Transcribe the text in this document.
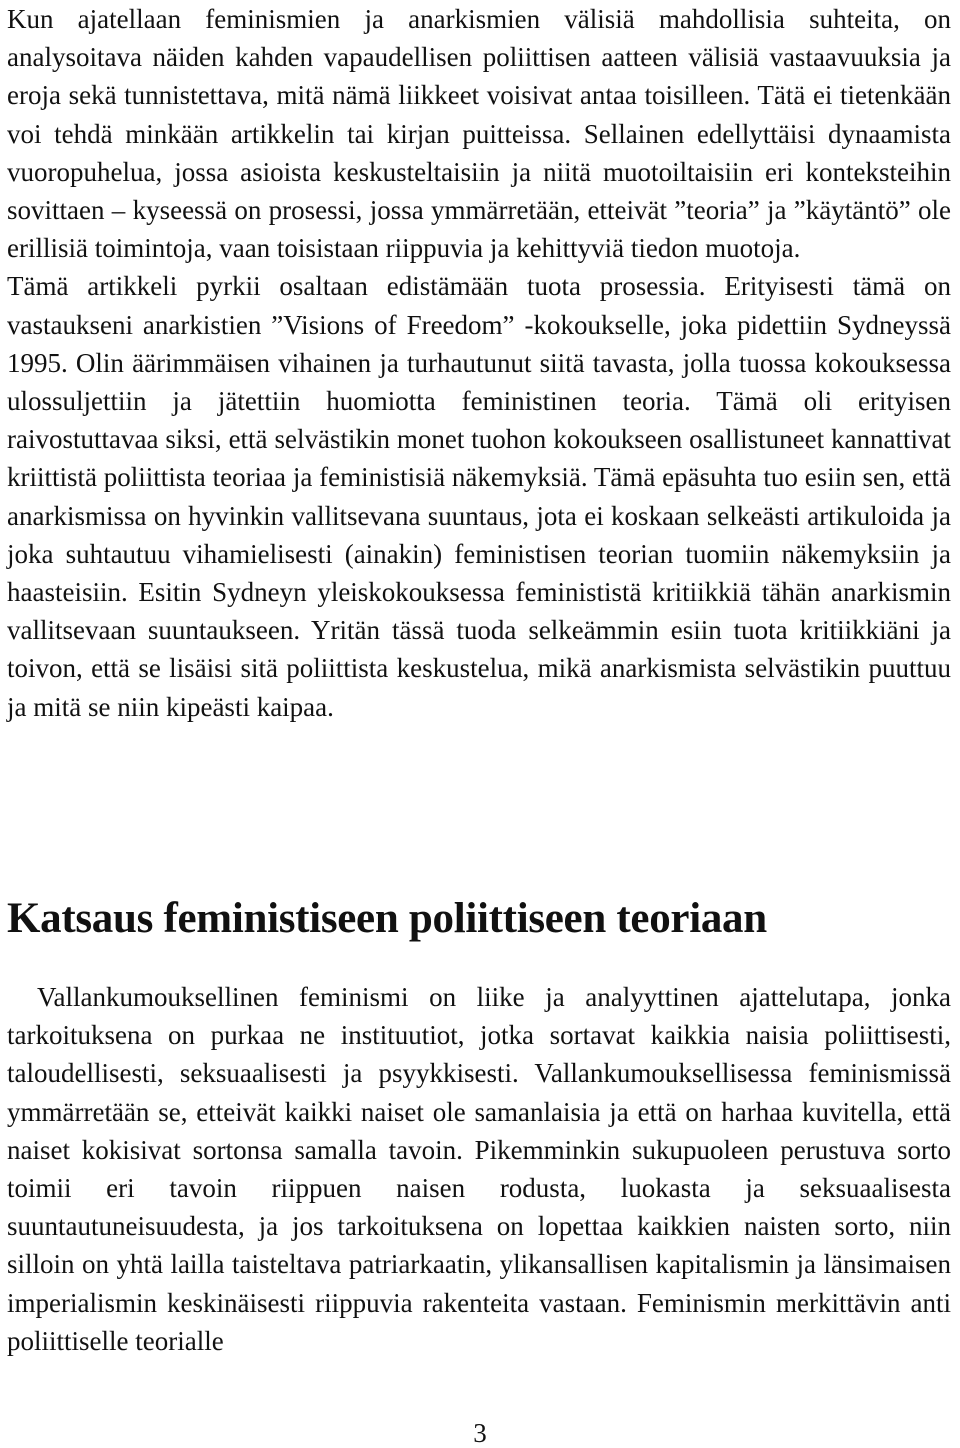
Kun ajatellaan feminismien ja anarkismien välisiä mahdollisia suhteita, on analysoitava näiden kahden vapaudellisen poliittisen aatteen välisiä vastaavuuksia ja eroja sekä tunnistettava, mitä nämä liikkeet voisivat antaa toisilleen. Tätä ei tietenkään voi tehdä minkään artikkelin tai kirjan puitteissa. Sellainen edellyttäisi dynaamista vuoropuhelua, jossa asioista keskusteltaisiin ja niitä muotoiltaisiin eri konteksteihin sovittaen – kyseessä on prosessi, jossa ymmärretään, etteivät ”teoria” ja ”käytäntö” ole erillisiä toimintoja, vaan toisistaan riippuvia ja kehittyviä tiedon muotoja.

Tämä artikkeli pyrkii osaltaan edistämään tuota prosessia. Erityisesti tämä on vastaukseni anarkistien ”Visions of Freedom” -kokoukselle, joka pidettiin Sydneyssä 1995. Olin äärimmäisen vihainen ja turhautunut siitä tavasta, jolla tuossa kokouksessa ulossuljettiin ja jätettiin huomiotta feministinen teoria. Tämä oli erityisen raivostuttavaa siksi, että selvästikin monet tuohon kokoukseen osallistuneet kannattivat kriittistä poliittista teoriaa ja feministisiä näkemyksiä. Tämä epäsuhta tuo esiin sen, että anarkismissa on hyvinkin vallitsevana suuntaus, jota ei koskaan selkeästi artikuloida ja joka suhtautuu vihamielisesti (ainakin) feministisen teorian tuomiin näkemyksiin ja haasteisiin. Esitin Sydneyn yleiskokouksessa feminististä kritiikkiä tähän anarkismin vallitsevaan suuntaukseen. Yritän tässä tuoda selkeämmin esiin tuota kritiikkiäni ja toivon, että se lisäisi sitä poliittista keskustelua, mikä anarkismista selvästikin puuttuu ja mitä se niin kipeästi kaipaa.

Katsaus feministiseen poliittiseen teoriaan

Vallankumouksellinen feminismi on liike ja analyyttinen ajattelutapa, jonka tarkoituksena on purkaa ne instituutiot, jotka sortavat kaikkia naisia poliittisesti, taloudellisesti, seksuaalisesti ja psyykkisesti. Vallankumouksellisessa feminismissä ymmärretään se, etteivät kaikki naiset ole samanlaisia ja että on harhaa kuvitella, että naiset kokisivat sortonsa samalla tavoin. Pikemminkin sukupuoleen perustuva sorto toimii eri tavoin riippuen naisen rodusta, luokasta ja seksuaalisesta suuntautuneisuudesta, ja jos tarkoituksena on lopettaa kaikkien naisten sorto, niin silloin on yhtä lailla taisteltava patriarkaatin, ylikansallisen kapitalismin ja länsimaisen imperialismin keskinäisesti riippuvia rakenteita vastaan. Feminismin merkittävin anti poliittiselle teorialle

3
